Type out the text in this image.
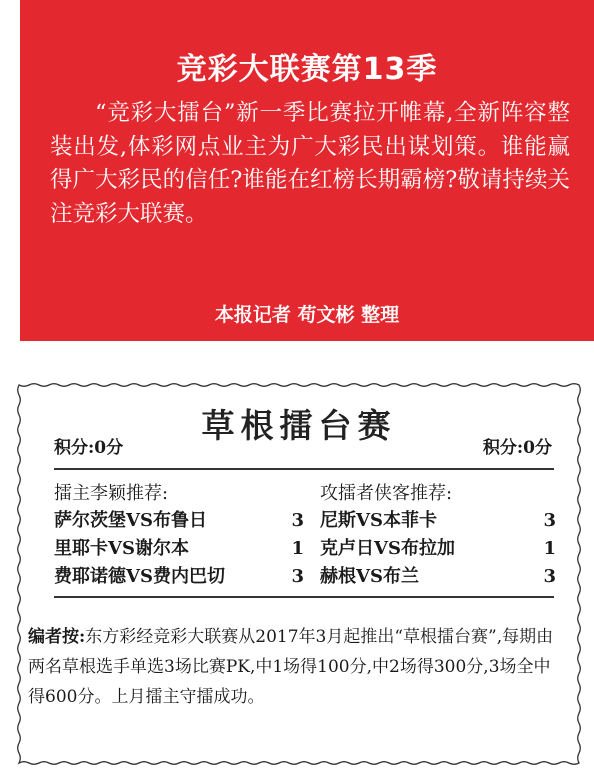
竞彩大联赛第13季
“竞彩大擂台”新一季比赛拉开帷幕,全新阵容整装出发,体彩网点业主为广大彩民出谋划策。谁能赢得广大彩民的信任?谁能在红榜长期霸榜?敬请持续关注竞彩大联赛。
本报记者 苟文彬 整理
草根擂台赛
积分:0分	积分:0分
擂主李颖推荐:
萨尔茨堡VS布鲁日	3
里耶卡VS谢尔本	1
费耶诺德VS费内巴切	3
攻擂者侠客推荐:
尼斯VS本菲卡	3
克卢日VS布拉加	1
赫根VS布兰	3
编者按:东方彩经竞彩大联赛从2017年3月起推出“草根擂台赛”,每期由两名草根选手单选3场比赛PK,中1场得100分,中2场得300分,3场全中得600分。上月擂主守擂成功。
